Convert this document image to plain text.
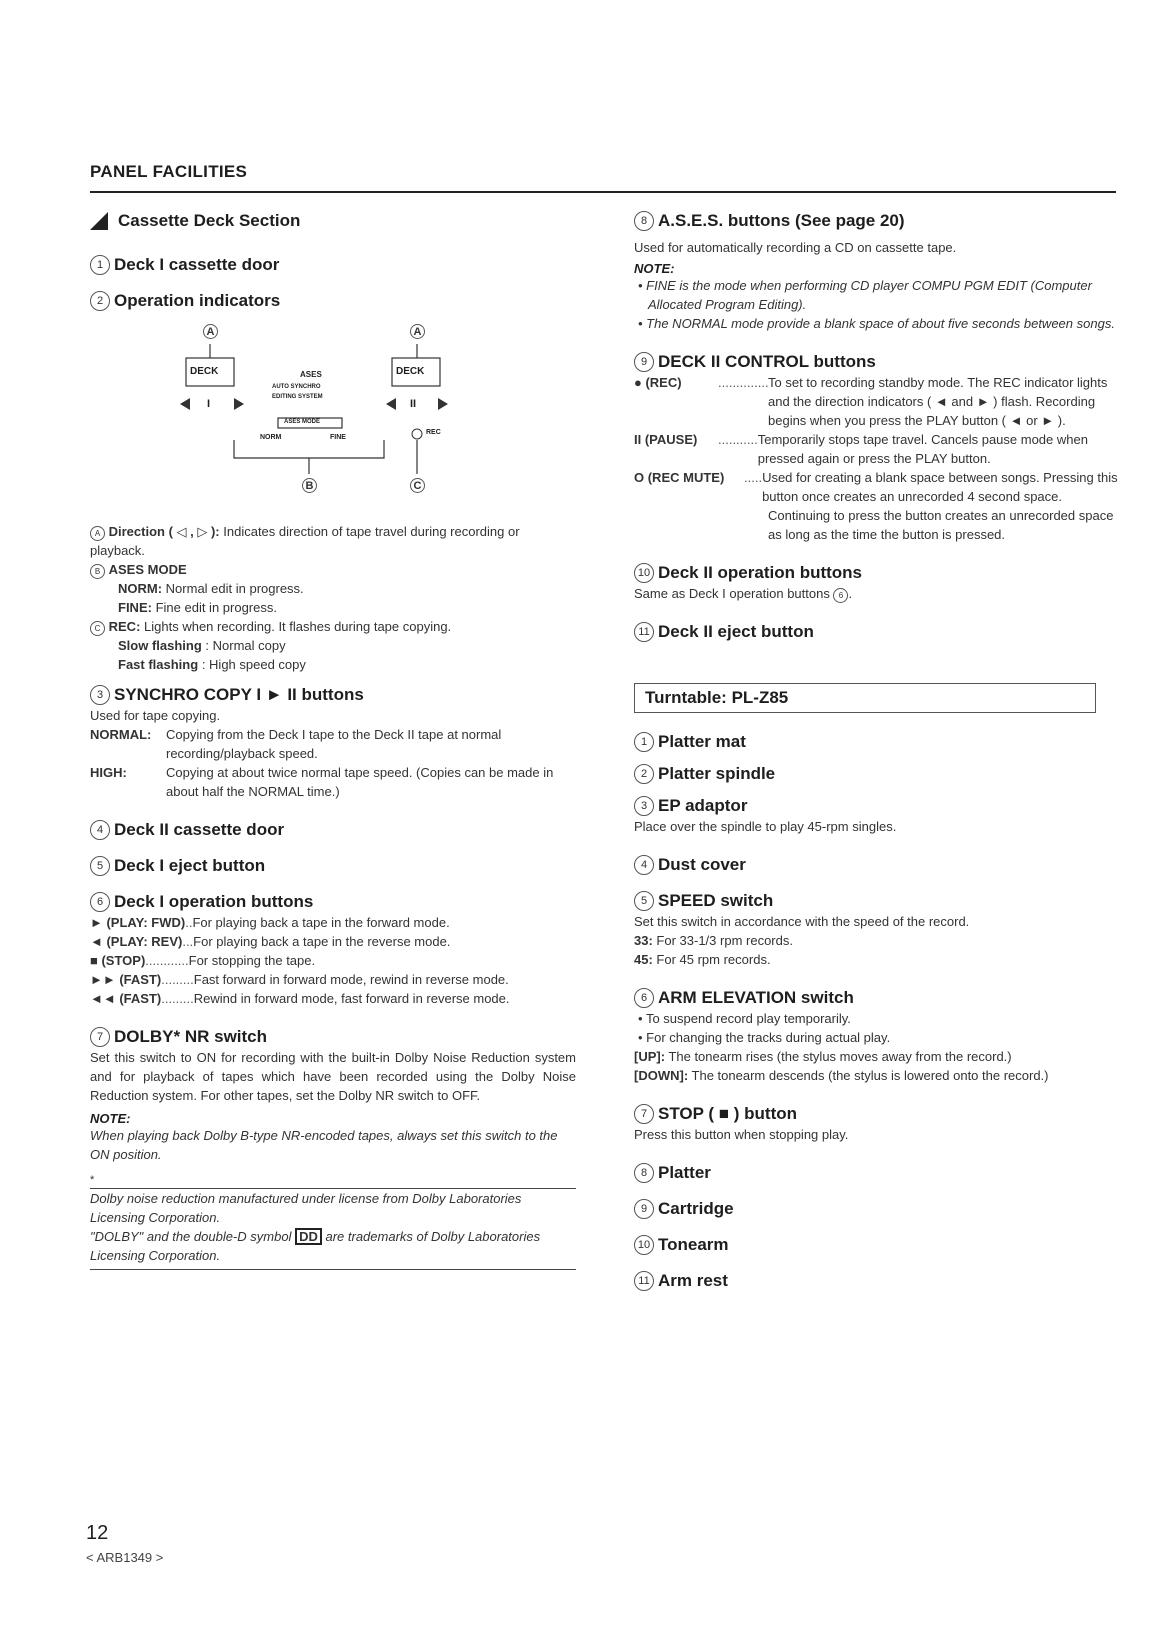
PANEL FACILITIES
Cassette Deck Section
1 Deck I cassette door
2 Operation indicators
A	A
DECK	DECK
I	II
ASES
AUTO SYNCHRO
EDITING SYSTEM
ASES MODE
NORM	FINE
REC
B	C

A Direction ( ◁ , ▷ ): Indicates direction of tape travel during recording or playback.

B ASES MODE

NORM: Normal edit in progress.

FINE: Fine edit in progress.

C REC: Lights when recording. It flashes during tape copying.

Slow flashing : Normal copy

Fast flashing : High speed copy

3 SYNCHRO COPY I ► II buttons

Used for tape copying.

NORMAL:	Copying from the Deck I tape to the Deck II tape at normal recording/playback speed.
HIGH:	Copying at about twice normal tape speed. (Copies can be made in about half the NORMAL time.)
4 Deck II cassette door
5 Deck I eject button
6 Deck I operation buttons
► (PLAY: FWD) .. For playing back a tape in the forward mode.
◄ (PLAY: REV) ... For playing back a tape in the reverse mode.
■ (STOP) ............ For stopping the tape.
►► (FAST) ......... Fast forward in forward mode, rewind in reverse mode.
◄◄ (FAST) ......... Rewind in forward mode, fast forward in reverse mode.
7 DOLBY* NR switch

Set this switch to ON for recording with the built-in Dolby Noise Reduction system and for playback of tapes which have been recorded using the Dolby Noise Reduction system. For other tapes, set the Dolby NR switch to OFF.

NOTE:

When playing back Dolby B-type NR-encoded tapes, always set this switch to the ON position.

*

Dolby noise reduction manufactured under license from Dolby Laboratories Licensing Corporation.

"DOLBY" and the double-D symbol DD are trademarks of Dolby Laboratories Licensing Corporation.

8 A.S.E.S. buttons (See page 20)

Used for automatically recording a CD on cassette tape.

NOTE:

• FINE is the mode when performing CD player COMPU PGM EDIT (Computer Allocated Program Editing).

• The NORMAL mode provide a blank space of about five seconds between songs.

9 DECK II CONTROL buttons
● (REC)	.............. To set to recording standby mode. The REC indicator lights and the direction indicators ( ◄ and ► ) flash. Recording begins when you press the PLAY button ( ◄ or ► ).
II (PAUSE)	........... Temporarily stops tape travel. Cancels pause mode when pressed again or press the PLAY button.
O (REC MUTE)	..... Used for creating a blank space between songs. Pressing this button once creates an unrecorded 4 second space.
Continuing to press the button creates an unrecorded space as long as the time the button is pressed.
10 Deck II operation buttons

Same as Deck I operation buttons 6 .

11 Deck II eject button
Turntable: PL-Z85
1 Platter mat
2 Platter spindle
3 EP adaptor

Place over the spindle to play 45-rpm singles.

4 Dust cover
5 SPEED switch

Set this switch in accordance with the speed of the record.

33: For 33-1/3 rpm records.

45: For 45 rpm records.

6 ARM ELEVATION switch

• To suspend record play temporarily.

• For changing the tracks during actual play.

[UP]: The tonearm rises (the stylus moves away from the record.)

[DOWN]: The tonearm descends (the stylus is lowered onto the record.)

7 STOP ( ■ ) button

Press this button when stopping play.

8 Platter
9 Cartridge
10 Tonearm
11 Arm rest
12
< ARB1349 >
